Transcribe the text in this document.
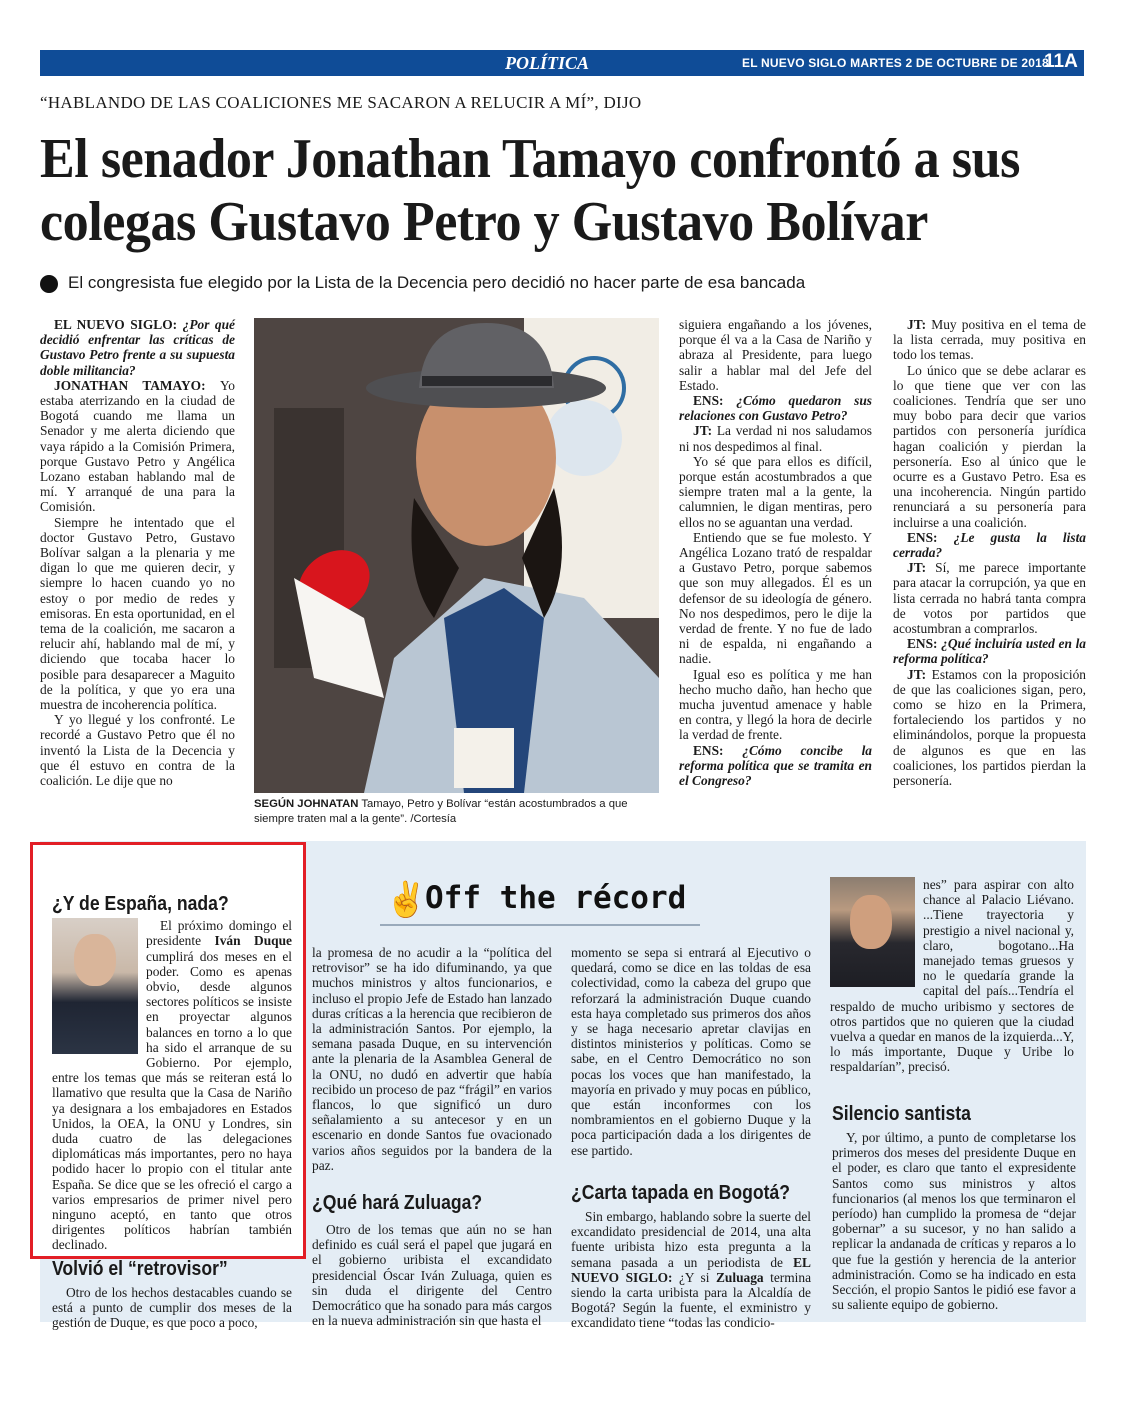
POLÍTICA	EL NUEVO SIGLO MARTES 2 DE OCTUBRE DE 2018
11A
“HABLANDO DE LAS COALICIONES ME SACARON A RELUCIR A MÍ”, DIJO
El senador Jonathan Tamayo confrontó a sus colegas Gustavo Petro y Gustavo Bolívar
El congresista fue elegido por la Lista de la Decencia pero decidió no hacer parte de esa bancada

EL NUEVO SIGLO: ¿Por qué decidió enfrentar las críticas de Gustavo Petro frente a su supuesta doble militancia?

JONATHAN TAMAYO: Yo estaba aterrizando en la ciudad de Bogotá cuando me llama un Senador y me alerta diciendo que vaya rápido a la Comisión Primera, porque Gustavo Petro y Angélica Lozano estaban hablando mal de mí. Y arranqué de una para la Comisión.

Siempre he intentado que el doctor Gustavo Petro, Gustavo Bolívar salgan a la plenaria y me digan lo que me quieren decir, y siempre lo hacen cuando yo no estoy o por medio de redes y emisoras. En esta oportunidad, en el tema de la coalición, me sacaron a relucir ahí, hablando mal de mí, y diciendo que tocaba hacer lo posible para desaparecer a Maguito de la política, y que yo era una muestra de incoherencia política.

Y yo llegué y los confronté. Le recordé a Gustavo Petro que él no inventó la Lista de la Decencia y que él estuvo en contra de la coalición. Le dije que no

SEGÚN JOHNATAN Tamayo, Petro y Bolívar “están acostumbrados a que siempre traten mal a la gente”. /Cortesía

siguiera engañando a los jóvenes, porque él va a la Casa de Nariño y abraza al Presidente, para luego salir a hablar mal del Jefe del Estado.

ENS: ¿Cómo quedaron sus relaciones con Gustavo Petro?

JT: La verdad ni nos saludamos ni nos despedimos al final.

Yo sé que para ellos es difícil, porque están acostumbrados a que siempre traten mal a la gente, la calumnien, le digan mentiras, pero ellos no se aguantan una verdad.

Entiendo que se fue molesto. Y Angélica Lozano trató de respaldar a Gustavo Petro, porque sabemos que son muy allegados. Él es un defensor de su ideología de género. No nos despedimos, pero le dije la verdad de frente. Y no fue de lado ni de espalda, ni engañando a nadie.

Igual eso es política y me han hecho mucho daño, han hecho que mucha juventud amenace y hable en contra, y llegó la hora de decirle la verdad de frente.

ENS: ¿Cómo concibe la reforma política que se tramita en el Congreso?

JT: Muy positiva en el tema de la lista cerrada, muy positiva en todo los temas.

Lo único que se debe aclarar es lo que tiene que ver con las coaliciones. Tendría que ser uno muy bobo para decir que varios partidos con personería jurídica hagan coalición y pierdan la personería. Eso al único que le ocurre es a Gustavo Petro. Esa es una incoherencia. Ningún partido renunciará a su personería para incluirse a una coalición.

ENS: ¿Le gusta la lista cerrada?

JT: Sí, me parece importante para atacar la corrupción, ya que en lista cerrada no habrá tanta compra de votos por partidos que acostumbran a comprarlos.

ENS: ¿Qué incluiría usted en la reforma política?

JT: Estamos con la proposición de que las coaliciones sigan, pero, como se hizo en la Primera, fortaleciendo los partidos y no eliminándolos, porque la propuesta de algunos es que en las coaliciones, los partidos pierdan la personería.

¿Y de España, nada?

El próximo domingo el presidente Iván Duque cumplirá dos meses en el poder. Como es apenas obvio, desde algunos sectores políticos se insiste en proyectar algunos balances en torno a lo que ha sido el arranque de su Gobierno. Por ejemplo, entre los temas que más se reiteran está lo llamativo que resulta que la Casa de Nariño ya designara a los embajadores en Estados Unidos, la OEA, la ONU y Londres, sin duda cuatro de las delegaciones diplomáticas más importantes, pero no haya podido hacer lo propio con el titular ante España. Se dice que se les ofreció el cargo a varios empresarios de primer nivel pero ninguno aceptó, en tanto que otros dirigentes políticos habrían también declinado.

Volvió el “retrovisor”

Otro de los hechos destacables cuando se está a punto de cumplir dos meses de la gestión de Duque, es que poco a poco,

✌
Off the récord

la promesa de no acudir a la “política del retrovisor” se ha ido difuminando, ya que muchos ministros y altos funcionarios, e incluso el propio Jefe de Estado han lanzado duras críticas a la herencia que recibieron de la administración Santos. Por ejemplo, la semana pasada Duque, en su intervención ante la plenaria de la Asamblea General de la ONU, no dudó en advertir que había recibido un proceso de paz “frágil” en varios flancos, lo que significó un duro señalamiento a su antecesor y en un escenario en donde Santos fue ovacionado varios años seguidos por la bandera de la paz.

¿Qué hará Zuluaga?

Otro de los temas que aún no se han definido es cuál será el papel que jugará en el gobierno uribista el excandidato presidencial Óscar Iván Zuluaga, quien es sin duda el dirigente del Centro Democrático que ha sonado para más cargos en la nueva administración sin que hasta el

momento se sepa si entrará al Ejecutivo o quedará, como se dice en las toldas de esa colectividad, como la cabeza del grupo que reforzará la administración Duque cuando esta haya completado sus primeros dos años y se haga necesario apretar clavijas en distintos ministerios y políticas. Como se sabe, en el Centro Democrático no son pocas los voces que han manifestado, la mayoría en privado y muy pocas en público, que están inconformes con los nombramientos en el gobierno Duque y la poca participación dada a los dirigentes de ese partido.

¿Carta tapada en Bogotá?

Sin embargo, hablando sobre la suerte del excandidato presidencial de 2014, una alta fuente uribista hizo esta pregunta a la semana pasada a un periodista de EL NUEVO SIGLO: ¿Y si Zuluaga termina siendo la carta uribista para la Alcaldía de Bogotá? Según la fuente, el exministro y excandidato tiene “todas las condicio-

nes” para aspirar con alto chance al Palacio Liévano. ...Tiene trayectoria y prestigio a nivel nacional y, claro, bogotano...Ha manejado temas gruesos y no le quedaría grande la capital del país...Tendría el respaldo de mucho uribismo y sectores de otros partidos que no quieren que la ciudad vuelva a quedar en manos de la izquierda...Y, lo más importante, Duque y Uribe lo respaldarían”, precisó.

Silencio santista

Y, por último, a punto de completarse los primeros dos meses del presidente Duque en el poder, es claro que tanto el expresidente Santos como sus ministros y altos funcionarios (al menos los que terminaron el período) han cumplido la promesa de “dejar gobernar” a su sucesor, y no han salido a replicar la andanada de críticas y reparos a lo que fue la gestión y herencia de la anterior administración. Como se ha indicado en esta Sección, el propio Santos le pidió ese favor a su saliente equipo de gobierno.
